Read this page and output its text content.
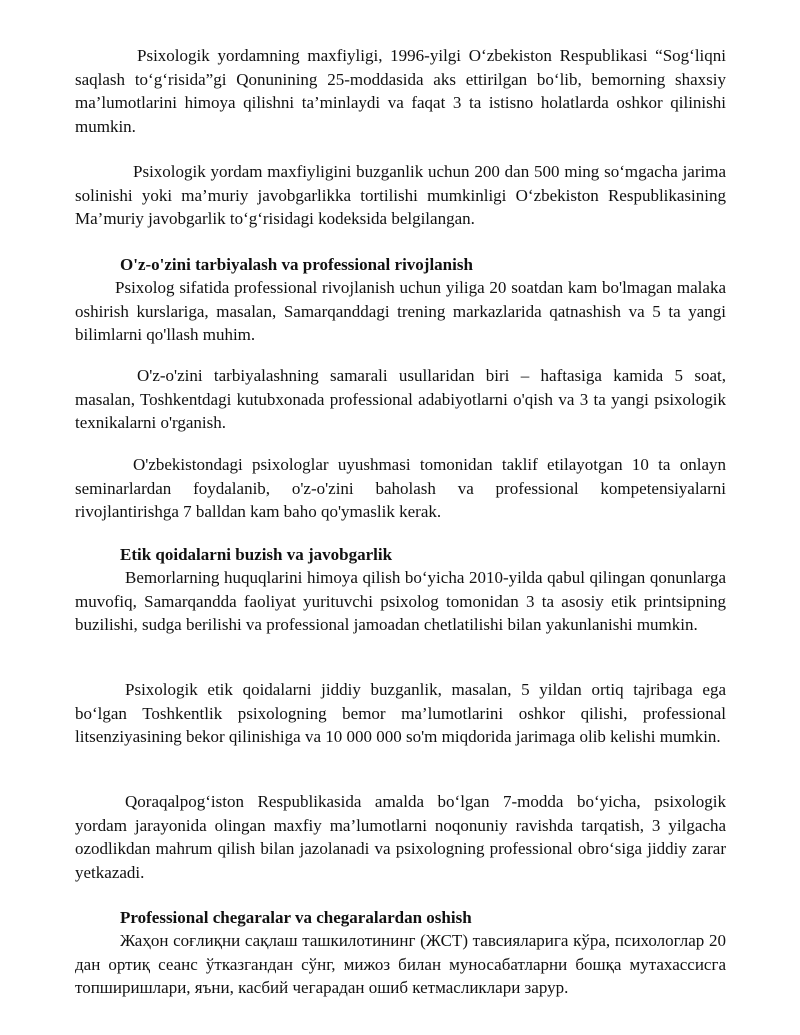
Psixologik yordamning maxfiyligi, 1996-yilgi O‘zbekiston Respublikasi “Sog‘liqni saqlash to‘g‘risida”gi Qonunining 25-moddasida aks ettirilgan bo‘lib, bemorning shaxsiy ma’lumotlarini himoya qilishni ta’minlaydi va faqat 3 ta istisno holatlarda oshkor qilinishi mumkin.

Psixologik yordam maxfiyligini buzganlik uchun 200 dan 500 ming so‘mgacha jarima solinishi yoki ma’muriy javobgarlikka tortilishi mumkinligi O‘zbekiston Respublikasining Ma’muriy javobgarlik to‘g‘risidagi kodeksida belgilangan.

O'z-o'zini tarbiyalash va professional rivojlanish

Psixolog sifatida professional rivojlanish uchun yiliga 20 soatdan kam bo'lmagan malaka oshirish kurslariga, masalan, Samarqanddagi trening markazlarida qatnashish va 5 ta yangi bilimlarni qo'llash muhim.

O'z-o'zini tarbiyalashning samarali usullaridan biri – haftasiga kamida 5 soat, masalan, Toshkentdagi kutubxonada professional adabiyotlarni o'qish va 3 ta yangi psixologik texnikalarni o'rganish.

O'zbekistondagi psixologlar uyushmasi tomonidan taklif etilayotgan 10 ta onlayn seminarlardan foydalanib, o'z-o'zini baholash va professional kompetensiyalarni rivojlantirishga 7 balldan kam baho qo'ymaslik kerak.

Etik qoidalarni buzish va javobgarlik

Bemorlarning huquqlarini himoya qilish bo‘yicha 2010-yilda qabul qilingan qonunlarga muvofiq, Samarqandda faoliyat yurituvchi psixolog tomonidan 3 ta asosiy etik printsipning buzilishi, sudga berilishi va professional jamoadan chetlatilishi bilan yakunlanishi mumkin.

Psixologik etik qoidalarni jiddiy buzganlik, masalan, 5 yildan ortiq tajribaga ega bo‘lgan Toshkentlik psixologning bemor ma’lumotlarini oshkor qilishi, professional litsenziyasining bekor qilinishiga va 10 000 000 so'm miqdorida jarimaga olib kelishi mumkin.

Qoraqalpog‘iston Respublikasida amalda bo‘lgan 7-modda bo‘yicha, psixologik yordam jarayonida olingan maxfiy ma’lumotlarni noqonuniy ravishda tarqatish, 3 yilgacha ozodlikdan mahrum qilish bilan jazolanadi va psixologning professional obro‘siga jiddiy zarar yetkazadi.

Professional chegaralar va chegaralardan oshish

Жаҳон соғлиқни сақлаш ташкилотининг (ЖСТ) тавсияларига кўра, психологлар 20 дан ортиқ сеанс ўтказгандан сўнг, мижоз билан муносабатларни бошқа мутахассисга топширишлари, яъни, касбий чегарадан ошиб кетмасликлари зарур.
